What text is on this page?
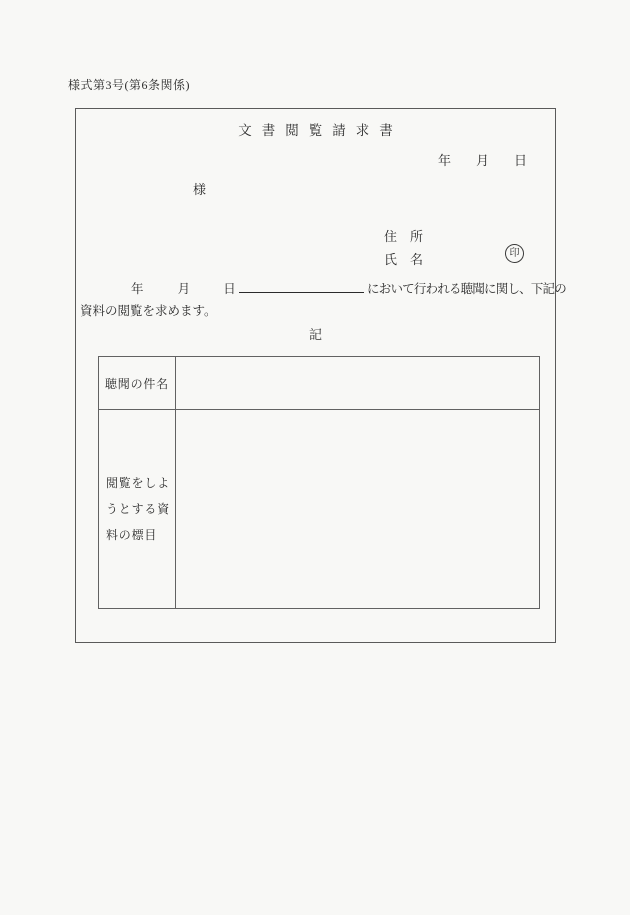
様式第3号(第6条関係)
文書閲覧請求書
年　月　日
様
住　所
氏　名	印
年	月	日	において行われる聴聞に関し、下記の
資料の閲覧を求めます。
記
聴聞の件名
閲覧をしようとする資料の標目
